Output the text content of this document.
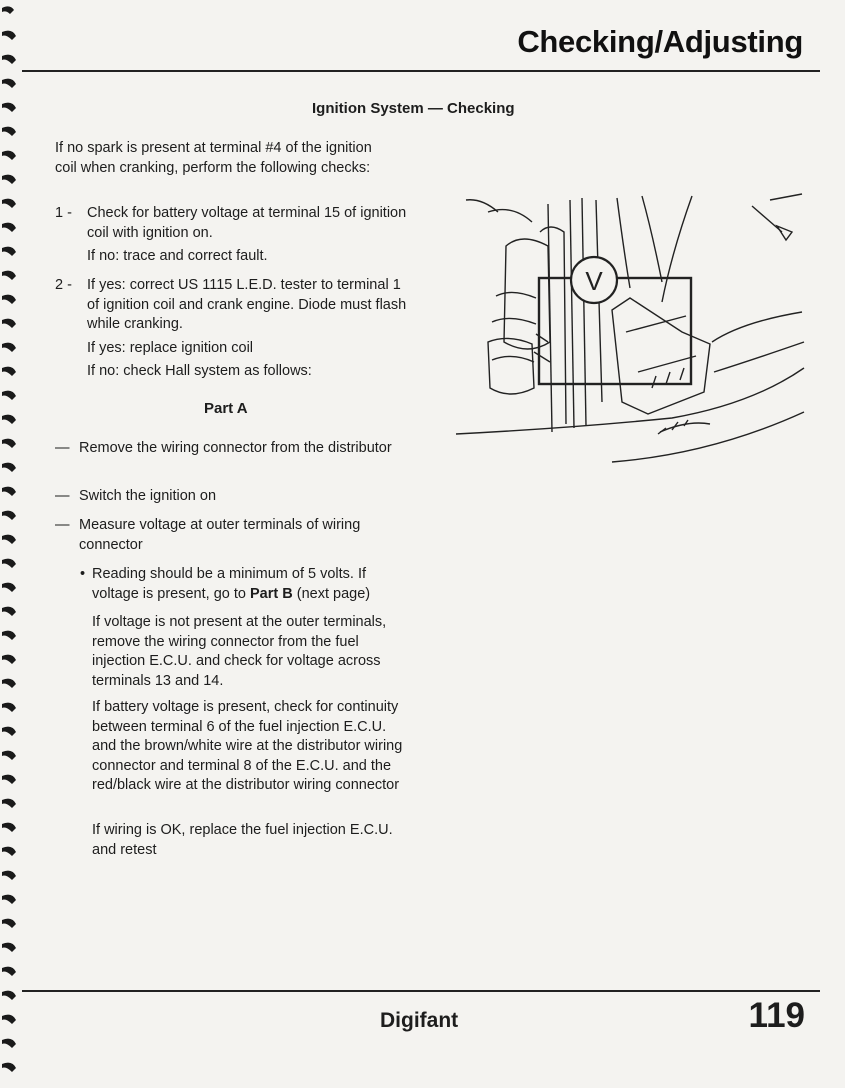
Checking/Adjusting
Ignition System — Checking
If no spark is present at terminal #4 of the ignition coil when cranking, perform the following checks:
1 -	Check for battery voltage at terminal 15 of ignition coil with ignition on.
If no: trace and correct fault.
2 -	If yes: correct US 1115 L.E.D. tester to terminal 1 of ignition coil and crank engine. Diode must flash while cranking.
If yes: replace ignition coil
If no: check Hall system as follows:
Part A
— Remove the wiring connector from the distributor
— Switch the ignition on
— Measure voltage at outer terminals of wiring connector
• Reading should be a minimum of 5 volts. If voltage is present, go to Part B (next page)
If voltage is not present at the outer terminals, remove the wiring connector from the fuel injection E.C.U. and check for voltage across terminals 13 and 14.
If battery voltage is present, check for continuity between terminal 6 of the fuel injection E.C.U. and the brown/white wire at the distributor wiring connector and terminal 8 of the E.C.U. and the red/black wire at the distributor wiring connector
If wiring is OK, replace the fuel injection E.C.U. and retest
V
Digifant	119
